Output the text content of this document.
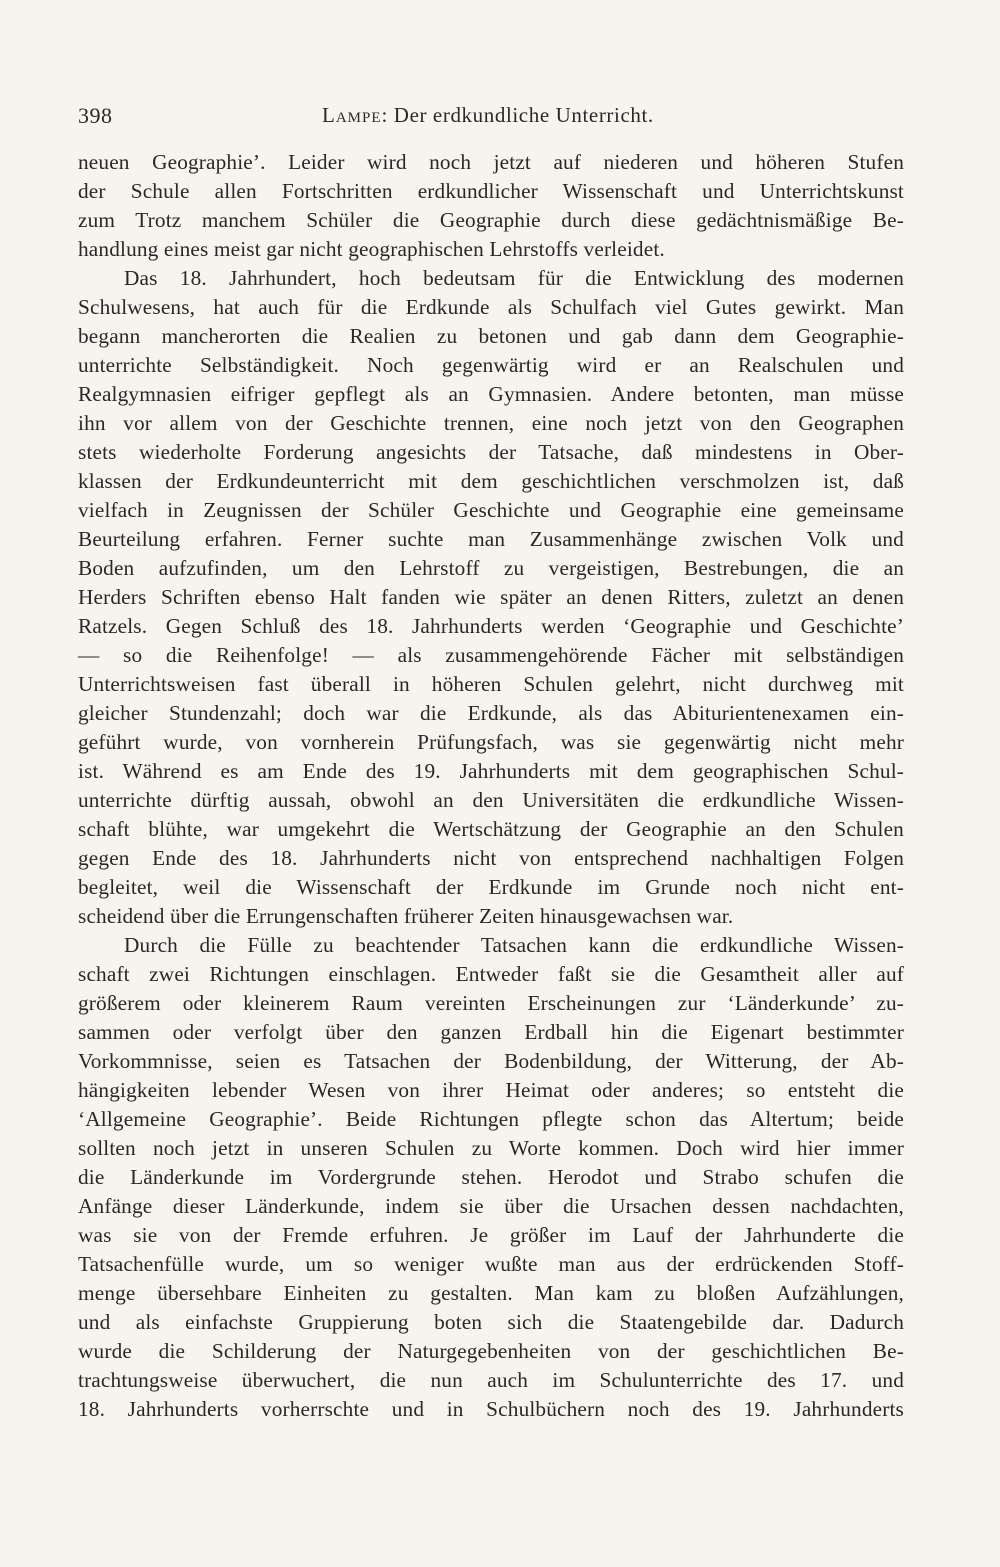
398	Lampe: Der erdkundliche Unterricht.
neuen Geographie’. Leider wird noch jetzt auf niederen und höheren Stufen
der Schule allen Fortschritten erdkundlicher Wissenschaft und Unterrichtskunst
zum Trotz manchem Schüler die Geographie durch diese gedächtnismäßige Be-
handlung eines meist gar nicht geographischen Lehrstoffs verleidet.
Das 18. Jahrhundert, hoch bedeutsam für die Entwicklung des modernen
Schulwesens, hat auch für die Erdkunde als Schulfach viel Gutes gewirkt. Man
begann mancherorten die Realien zu betonen und gab dann dem Geographie-
unterrichte Selbständigkeit. Noch gegenwärtig wird er an Realschulen und
Realgymnasien eifriger gepflegt als an Gymnasien. Andere betonten, man müsse
ihn vor allem von der Geschichte trennen, eine noch jetzt von den Geographen
stets wiederholte Forderung angesichts der Tatsache, daß mindestens in Ober-
klassen der Erdkundeunterricht mit dem geschichtlichen verschmolzen ist, daß
vielfach in Zeugnissen der Schüler Geschichte und Geographie eine gemeinsame
Beurteilung erfahren. Ferner suchte man Zusammenhänge zwischen Volk und
Boden aufzufinden, um den Lehrstoff zu vergeistigen, Bestrebungen, die an
Herders Schriften ebenso Halt fanden wie später an denen Ritters, zuletzt an denen
Ratzels. Gegen Schluß des 18. Jahrhunderts werden ‘Geographie und Geschichte’
— so die Reihenfolge! — als zusammengehörende Fächer mit selbständigen
Unterrichtsweisen fast überall in höheren Schulen gelehrt, nicht durchweg mit
gleicher Stundenzahl; doch war die Erdkunde, als das Abiturientenexamen ein-
geführt wurde, von vornherein Prüfungsfach, was sie gegenwärtig nicht mehr
ist. Während es am Ende des 19. Jahrhunderts mit dem geographischen Schul-
unterrichte dürftig aussah, obwohl an den Universitäten die erdkundliche Wissen-
schaft blühte, war umgekehrt die Wertschätzung der Geographie an den Schulen
gegen Ende des 18. Jahrhunderts nicht von entsprechend nachhaltigen Folgen
begleitet, weil die Wissenschaft der Erdkunde im Grunde noch nicht ent-
scheidend über die Errungenschaften früherer Zeiten hinausgewachsen war.
Durch die Fülle zu beachtender Tatsachen kann die erdkundliche Wissen-
schaft zwei Richtungen einschlagen. Entweder faßt sie die Gesamtheit aller auf
größerem oder kleinerem Raum vereinten Erscheinungen zur ‘Länderkunde’ zu-
sammen oder verfolgt über den ganzen Erdball hin die Eigenart bestimmter
Vorkommnisse, seien es Tatsachen der Bodenbildung, der Witterung, der Ab-
hängigkeiten lebender Wesen von ihrer Heimat oder anderes; so entsteht die
‘Allgemeine Geographie’. Beide Richtungen pflegte schon das Altertum; beide
sollten noch jetzt in unseren Schulen zu Worte kommen. Doch wird hier immer
die Länderkunde im Vordergrunde stehen. Herodot und Strabo schufen die
Anfänge dieser Länderkunde, indem sie über die Ursachen dessen nachdachten,
was sie von der Fremde erfuhren. Je größer im Lauf der Jahrhunderte die
Tatsachenfülle wurde, um so weniger wußte man aus der erdrückenden Stoff-
menge übersehbare Einheiten zu gestalten. Man kam zu bloßen Aufzählungen,
und als einfachste Gruppierung boten sich die Staatengebilde dar. Dadurch
wurde die Schilderung der Naturgegebenheiten von der geschichtlichen Be-
trachtungsweise überwuchert, die nun auch im Schulunterrichte des 17. und
18. Jahrhunderts vorherrschte und in Schulbüchern noch des 19. Jahrhunderts
